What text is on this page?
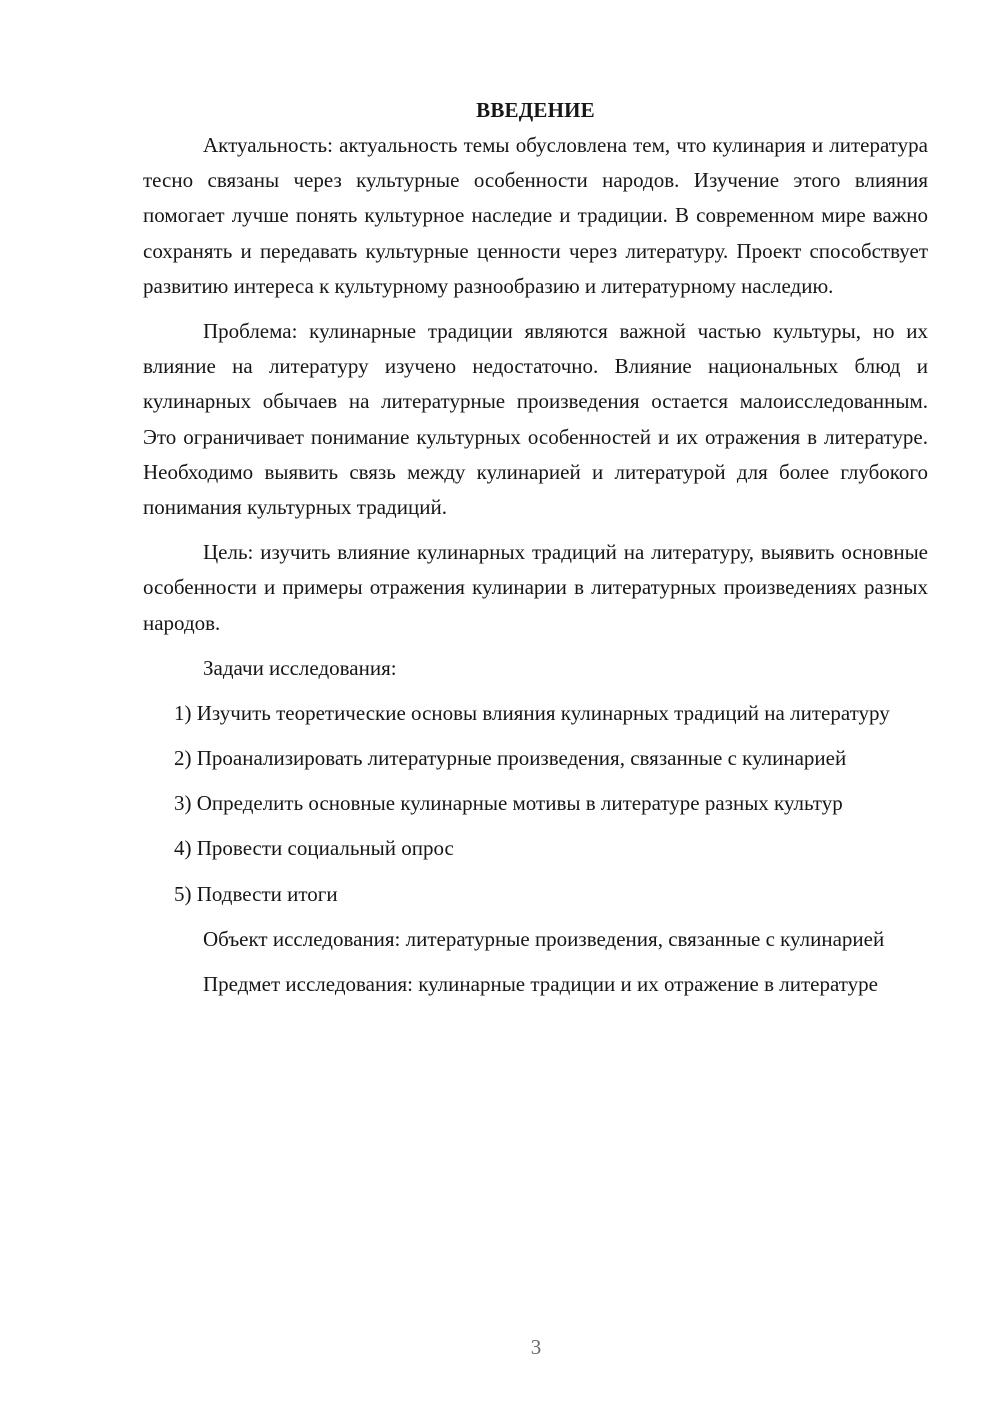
ВВЕДЕНИЕ

Актуальность: актуальность темы обусловлена тем, что кулинария и литература тесно связаны через культурные особенности народов. Изучение этого влияния помогает лучше понять культурное наследие и традиции. В современном мире важно сохранять и передавать культурные ценности через литературу. Проект способствует развитию интереса к культурному разнообразию и литературному наследию.

Проблема: кулинарные традиции являются важной частью культуры, но их влияние на литературу изучено недостаточно. Влияние национальных блюд и кулинарных обычаев на литературные произведения остается малоисследованным. Это ограничивает понимание культурных особенностей и их отражения в литературе. Необходимо выявить связь между кулинарией и литературой для более глубокого понимания культурных традиций.

Цель: изучить влияние кулинарных традиций на литературу, выявить основные особенности и примеры отражения кулинарии в литературных произведениях разных народов.

Задачи исследования:

1) Изучить теоретические основы влияния кулинарных традиций на литературу

2) Проанализировать литературные произведения, связанные с кулинарией

3) Определить основные кулинарные мотивы в литературе разных культур

4) Провести социальный опрос

5) Подвести итоги

Объект исследования: литературные произведения, связанные с кулинарией

Предмет исследования: кулинарные традиции и их отражение в литературе

3
